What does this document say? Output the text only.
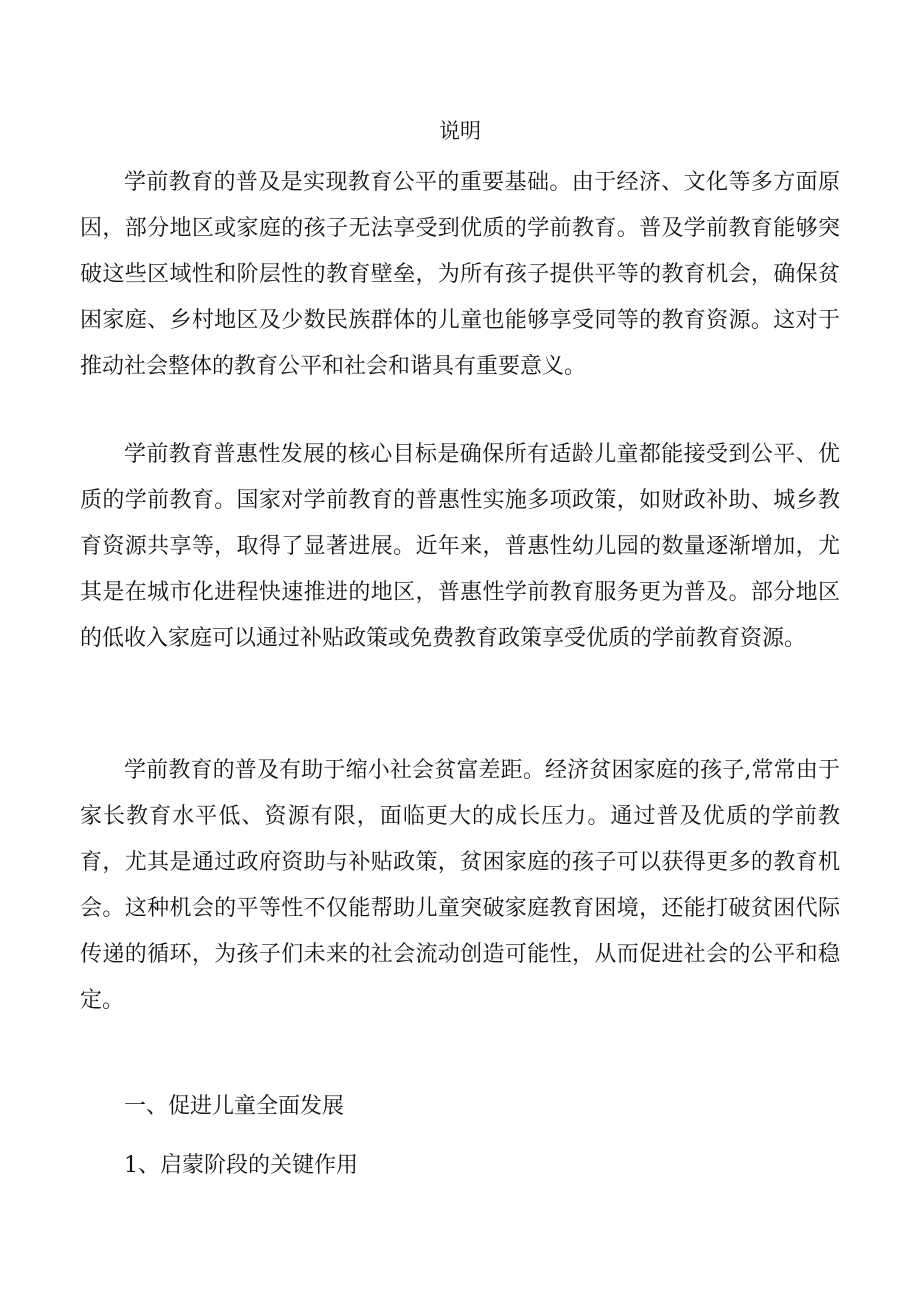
说明

学前教育的普及是实现教育公平的重要基础。由于经济、文化等多方面原因，部分地区或家庭的孩子无法享受到优质的学前教育。普及学前教育能够突破这些区域性和阶层性的教育壁垒，为所有孩子提供平等的教育机会，确保贫困家庭、乡村地区及少数民族群体的儿童也能够享受同等的教育资源。这对于推动社会整体的教育公平和社会和谐具有重要意义。

学前教育普惠性发展的核心目标是确保所有适龄儿童都能接受到公平、优质的学前教育。国家对学前教育的普惠性实施多项政策，如财政补助、城乡教育资源共享等，取得了显著进展。近年来，普惠性幼儿园的数量逐渐增加，尤其是在城市化进程快速推进的地区，普惠性学前教育服务更为普及。部分地区的低收入家庭可以通过补贴政策或免费教育政策享受优质的学前教育资源。

学前教育的普及有助于缩小社会贫富差距。经济贫困家庭的孩子,常常由于家长教育水平低、资源有限，面临更大的成长压力。通过普及优质的学前教育，尤其是通过政府资助与补贴政策，贫困家庭的孩子可以获得更多的教育机会。这种机会的平等性不仅能帮助儿童突破家庭教育困境，还能打破贫困代际传递的循环，为孩子们未来的社会流动创造可能性，从而促进社会的公平和稳定。

一、促进儿童全面发展
1、启蒙阶段的关键作用
